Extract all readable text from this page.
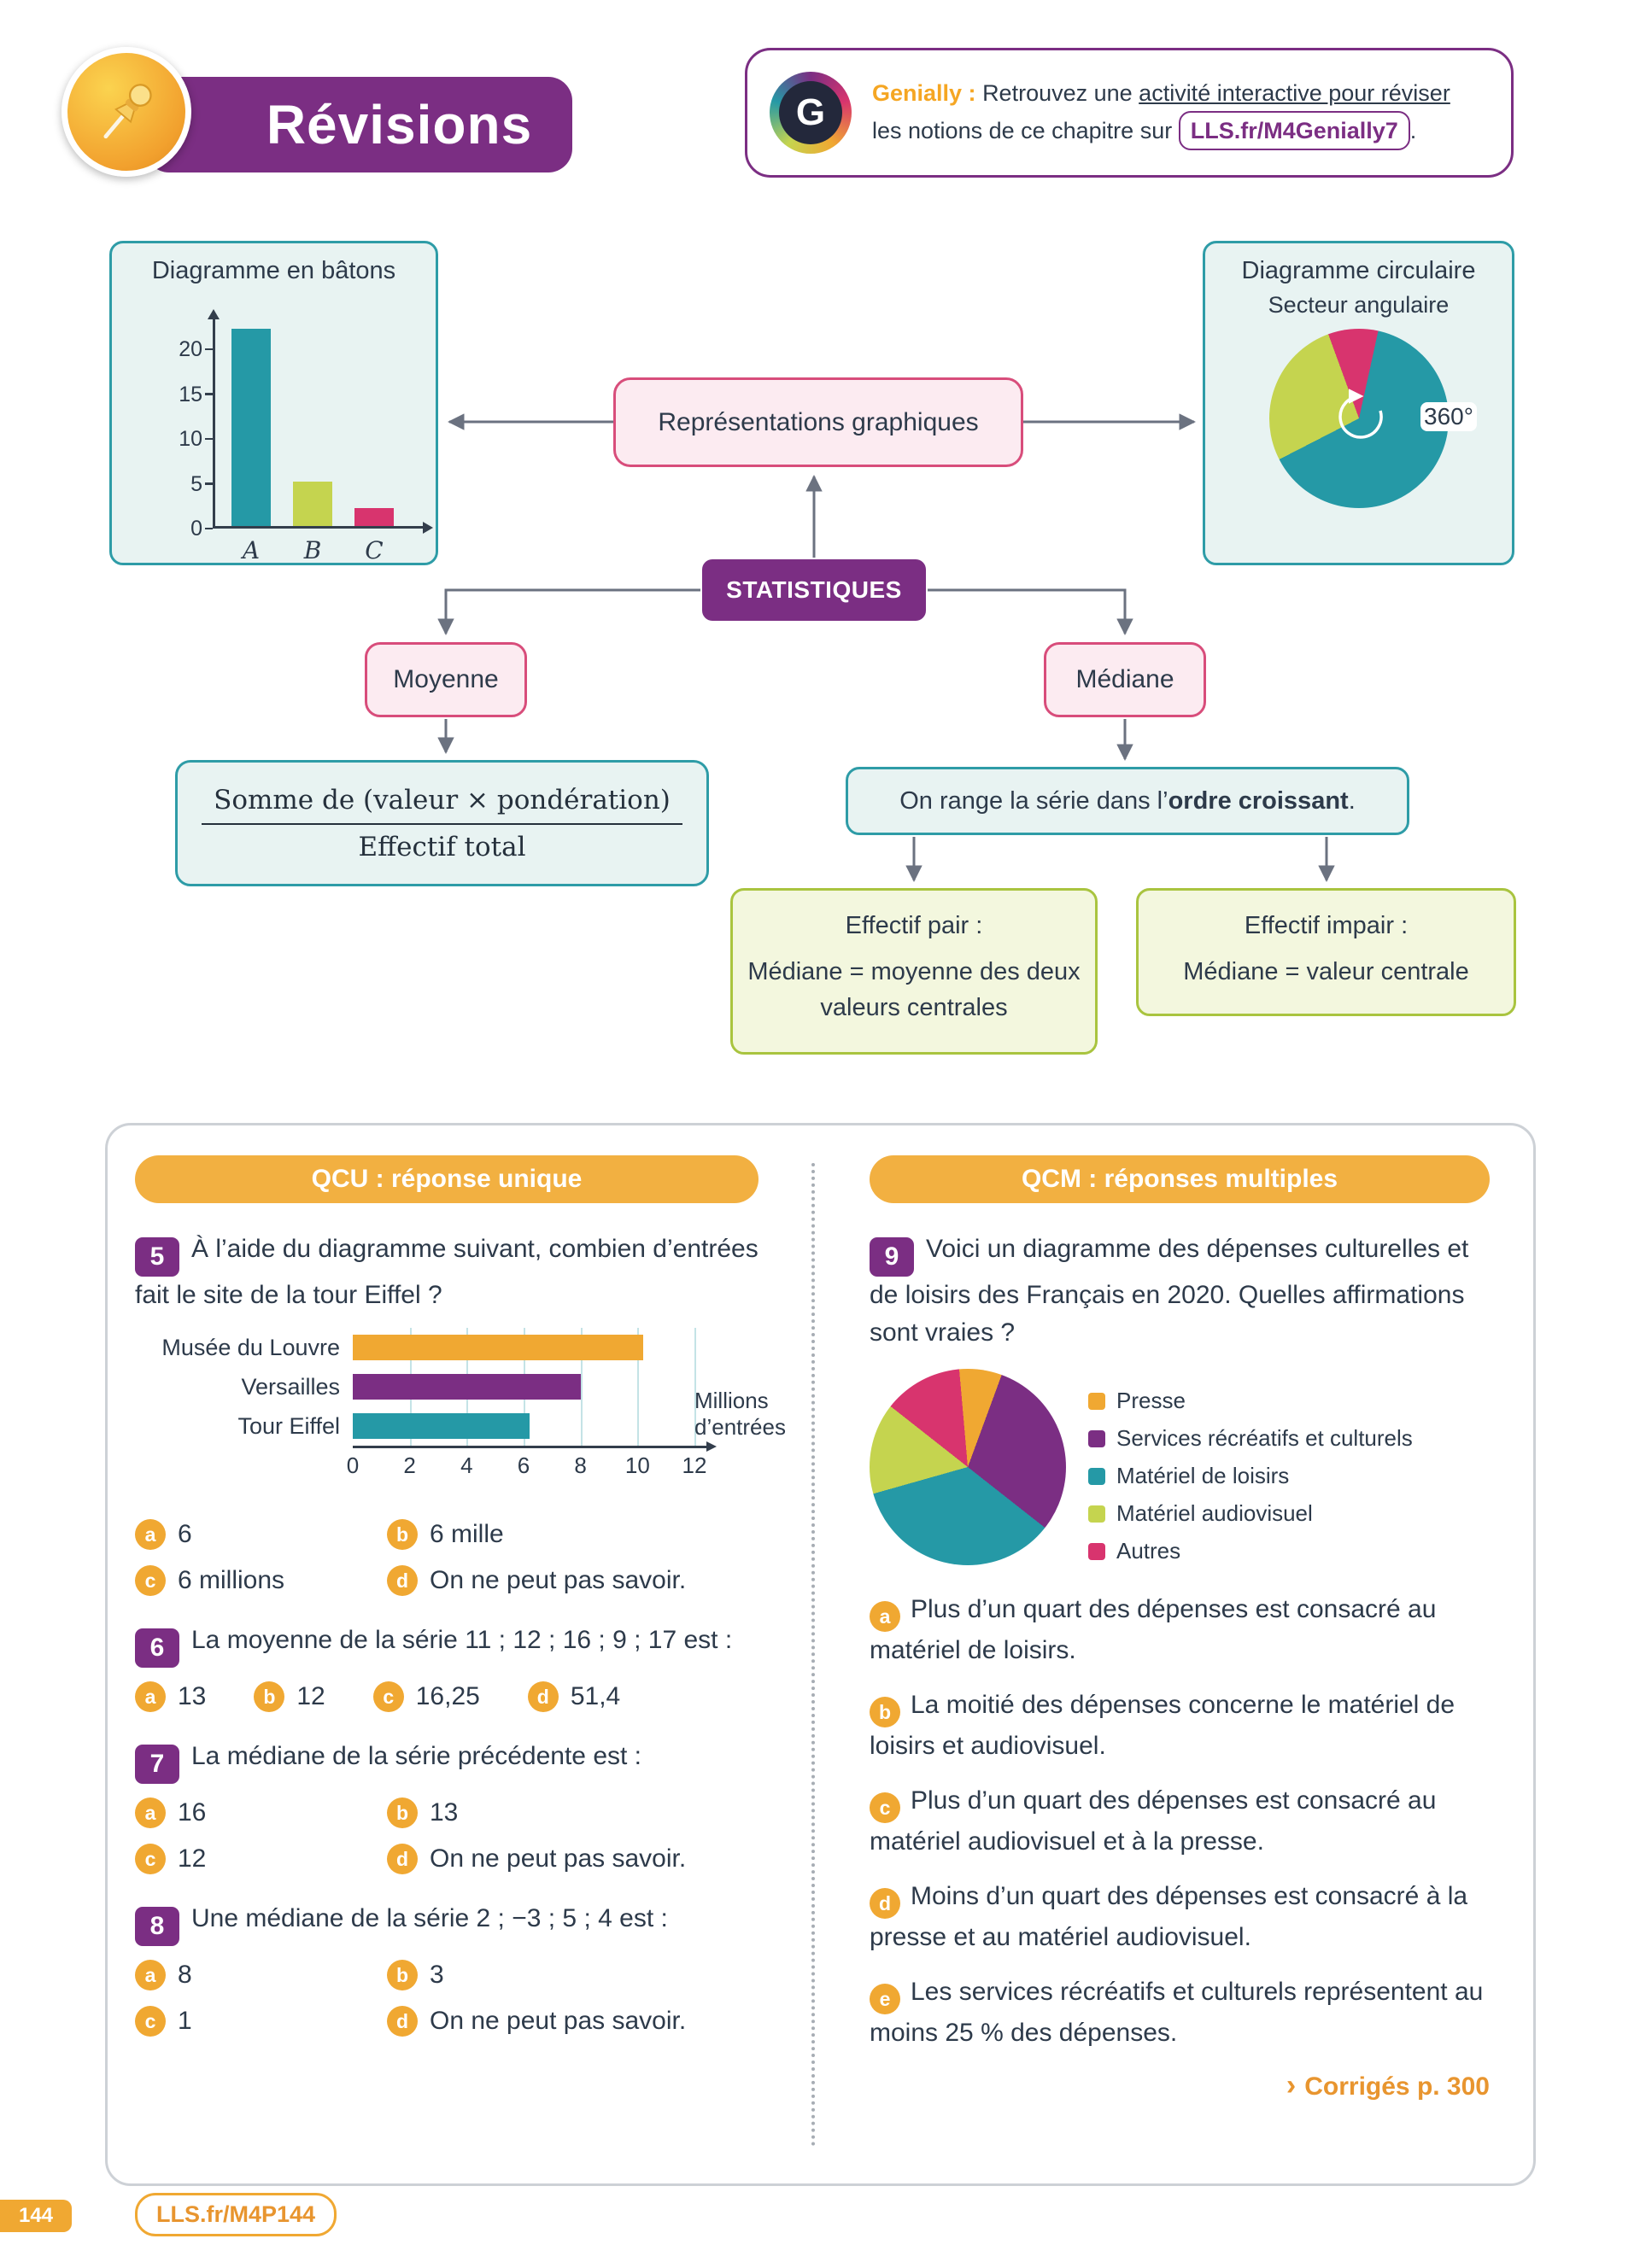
Révisions	G	Genially : Retrouvez une activité interactive pour réviser
les notions de ce chapitre sur LLS.fr/M4Genially7 .
Diagramme en bâtons
0
5
10
15
20
A	B	C
Diagramme circulaire
Secteur angulaire
360°
Représentations graphiques
STATISTIQUES
Moyenne	Médiane
$\frac{\text{Somme de (valeur × pondération)}}{\text{Effectif total}}$	On range la série dans l’ordre croissant.
Effectif pair :
Médiane = moyenne des deux valeurs centrales
Effectif impair :
Médiane = valeur centrale
QCU : réponse unique

5 À l’aide du diagramme suivant, combien d’entrées fait le site de la tour Eiffel ?

Millions d’entrées
0	2	4	6	8	10 12
Musée du Louvre
Versailles
Tour Eiffel
a 6	b 6 mille
c 6 millions	d On ne peut pas savoir.

6 La moyenne de la série 11 ; 12 ; 16 ; 9 ; 17 est :

a 13	b 12	c 16,25	d 51,4

7 La médiane de la série précédente est :

a 16	b 13
c 12	d On ne peut pas savoir.

8 Une médiane de la série 2 ; −3 ; 5 ; 4 est :

a 8	b 3
c 1	d On ne peut pas savoir.
QCM : réponses multiples

9 Voici un diagramme des dépenses culturelles et de loisirs des Français en 2020. Quelles affirmations sont vraies ?

Presse
Services récréatifs et culturels
Matériel de loisirs
Matériel audiovisuel
Autres

a Plus d’un quart des dépenses est consacré au matériel de loisirs.

b La moitié des dépenses concerne le matériel de loisirs et audiovisuel.

c Plus d’un quart des dépenses est consacré au matériel audiovisuel et à la presse.

d Moins d’un quart des dépenses est consacré à la presse et au matériel audiovisuel.

e Les services récréatifs et culturels représentent au moins 25 % des dépenses.

› Corrigés p. 300
144	LLS.fr/M4P144
